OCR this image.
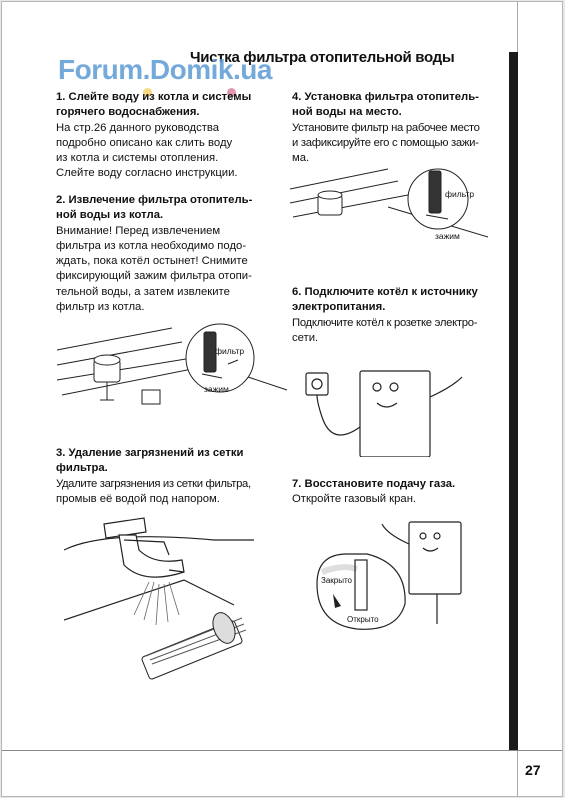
27
Чистка фильтра отопительной воды
Forum.Domik.ua

1. Слейте воду из котла и системы

горячего водоснабжения.

На стр.26 данного руководства

подробно описано как слить воду

из котла и системы отопления.

Слейте воду согласно инструкции.

2. Извлечение фильтра отопитель-

ной воды из котла.

Внимание! Перед извлечением

фильтра из котла необходимо подо-

ждать, пока котёл остынет! Снимите

фиксирующий зажим фильтра отопи-

тельной воды, а затем извлеките

фильтр из котла.

3. Удаление загрязнений из сетки

фильтра.

Удалите загрязнения из сетки фильтра,

промыв её водой под напором.

4. Установка фильтра отопитель-

ной воды на место.

Установите фильтр на рабочее место

и зафиксируйте его с помощью зажи-

ма.

6. Подключите котёл к источнику

электропитания.

Подключите котёл к розетке электро-

сети.

7. Восстановите подачу газа.

Откройте газовый кран.

фильтр
зажим
фильтр
зажим
Закрыто
Открыто
